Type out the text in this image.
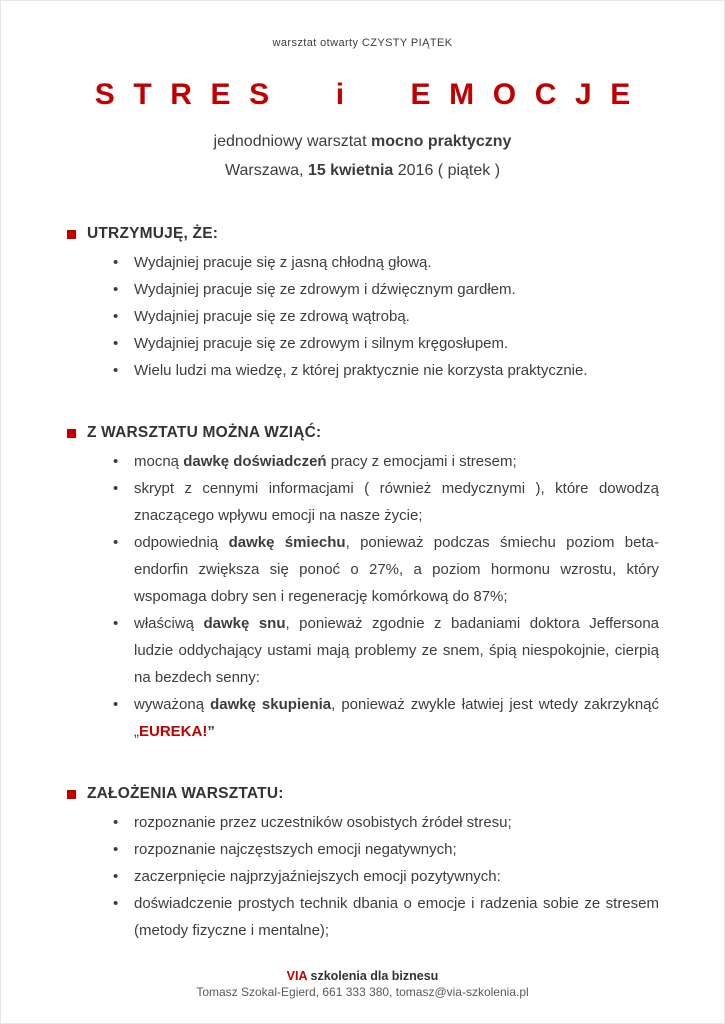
warsztat otwarty CZYSTY PIĄTEK
STRES i EMOCJE
jednodniowy warsztat mocno praktyczny
Warszawa, 15 kwietnia 2016 ( piątek )
UTRZYMUJĘ, ŻE:
• Wydajniej pracuje się z jasną chłodną głową.
• Wydajniej pracuje się ze zdrowym i dźwięcznym gardłem.
• Wydajniej pracuje się ze zdrową wątrobą.
• Wydajniej pracuje się ze zdrowym i silnym kręgosłupem.
• Wielu ludzi ma wiedzę, z której praktycznie nie korzysta praktycznie.
Z WARSZTATU MOŻNA WZIĄĆ:
• mocną dawkę doświadczeń pracy z emocjami i stresem;
• skrypt z cennymi informacjami ( również medycznymi ), które dowodzą znaczącego wpływu emocji na nasze życie;
• odpowiednią dawkę śmiechu, ponieważ podczas śmiechu poziom beta-endorfin zwiększa się ponoć o 27%, a poziom hormonu wzrostu, który wspomaga dobry sen i regenerację komórkową do 87%;
• właściwą dawkę snu, ponieważ zgodnie z badaniami doktora Jeffersona ludzie oddychający ustami mają problemy ze snem, śpią niespokojnie, cierpią na bezdech senny:
• wyważoną dawkę skupienia, ponieważ zwykle łatwiej jest wtedy zakrzyknąć „EUREKA!”
ZAŁOŻENIA WARSZTATU:
• rozpoznanie przez uczestników osobistych źródeł stresu;
• rozpoznanie najczęstszych emocji negatywnych;
• zaczerpnięcie najprzyjaźniejszych emocji pozytywnych:
• doświadczenie prostych technik dbania o emocje i radzenia sobie ze stresem (metody fizyczne i mentalne);
VIA szkolenia dla biznesu
Tomasz Szokal-Egierd, 661 333 380, tomasz@via-szkolenia.pl
